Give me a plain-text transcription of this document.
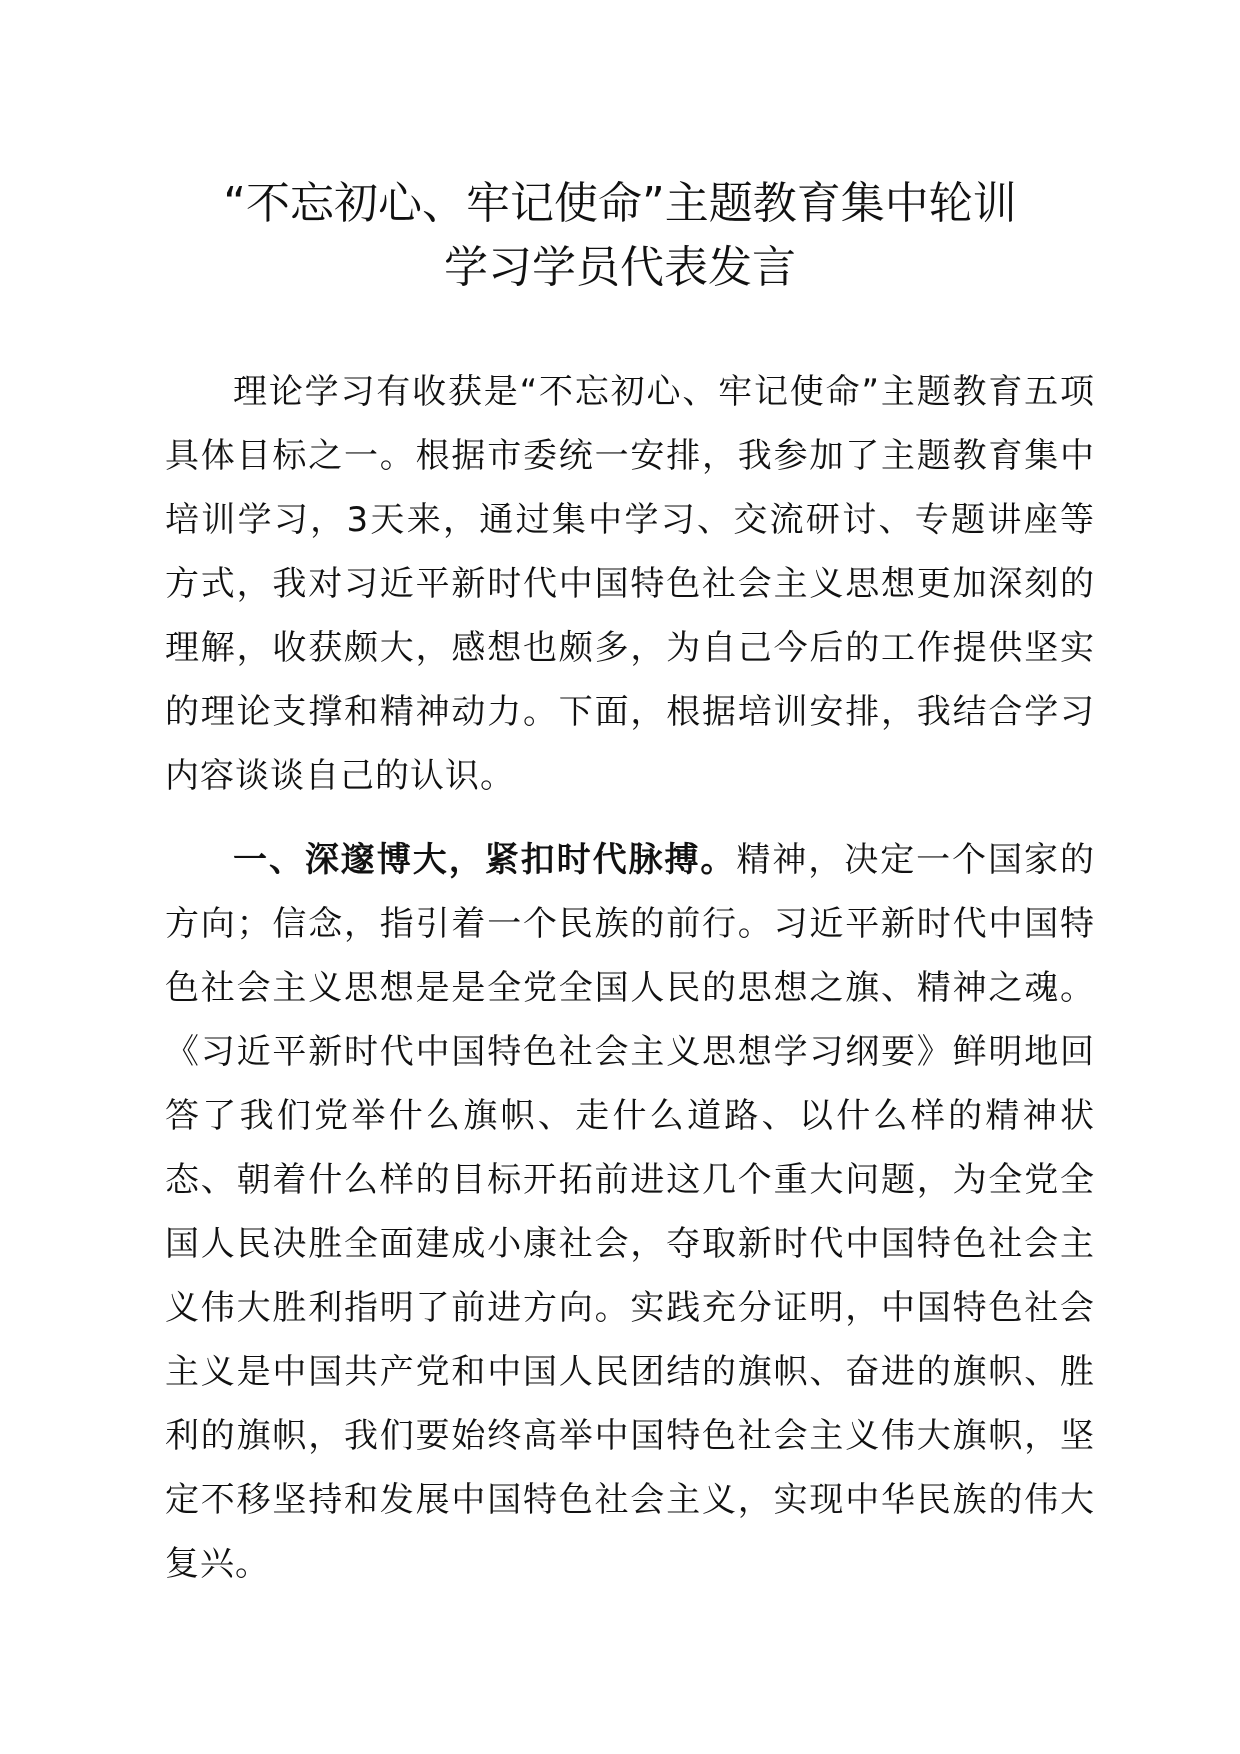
“不忘初心、牢记使命”主题教育集中轮训
学习学员代表发言

理论学习有收获是“不忘初心、牢记使命”主题教育五项具体目标之一。根据市委统一安排，我参加了主题教育集中培训学习，3天来，通过集中学习、交流研讨、专题讲座等方式，我对习近平新时代中国特色社会主义思想更加深刻的理解，收获颇大，感想也颇多，为自己今后的工作提供坚实的理论支撑和精神动力。下面，根据培训安排，我结合学习内容谈谈自己的认识。

一、深邃博大，紧扣时代脉搏。精神，决定一个国家的方向；信念，指引着一个民族的前行。习近平新时代中国特色社会主义思想是是全党全国人民的思想之旗、精神之魂。《习近平新时代中国特色社会主义思想学习纲要》鲜明地回答了我们党举什么旗帜、走什么道路、以什么样的精神状态、朝着什么样的目标开拓前进这几个重大问题，为全党全国人民决胜全面建成小康社会，夺取新时代中国特色社会主义伟大胜利指明了前进方向。实践充分证明，中国特色社会主义是中国共产党和中国人民团结的旗帜、奋进的旗帜、胜利的旗帜，我们要始终高举中国特色社会主义伟大旗帜，坚定不移坚持和发展中国特色社会主义，实现中华民族的伟大复兴。
